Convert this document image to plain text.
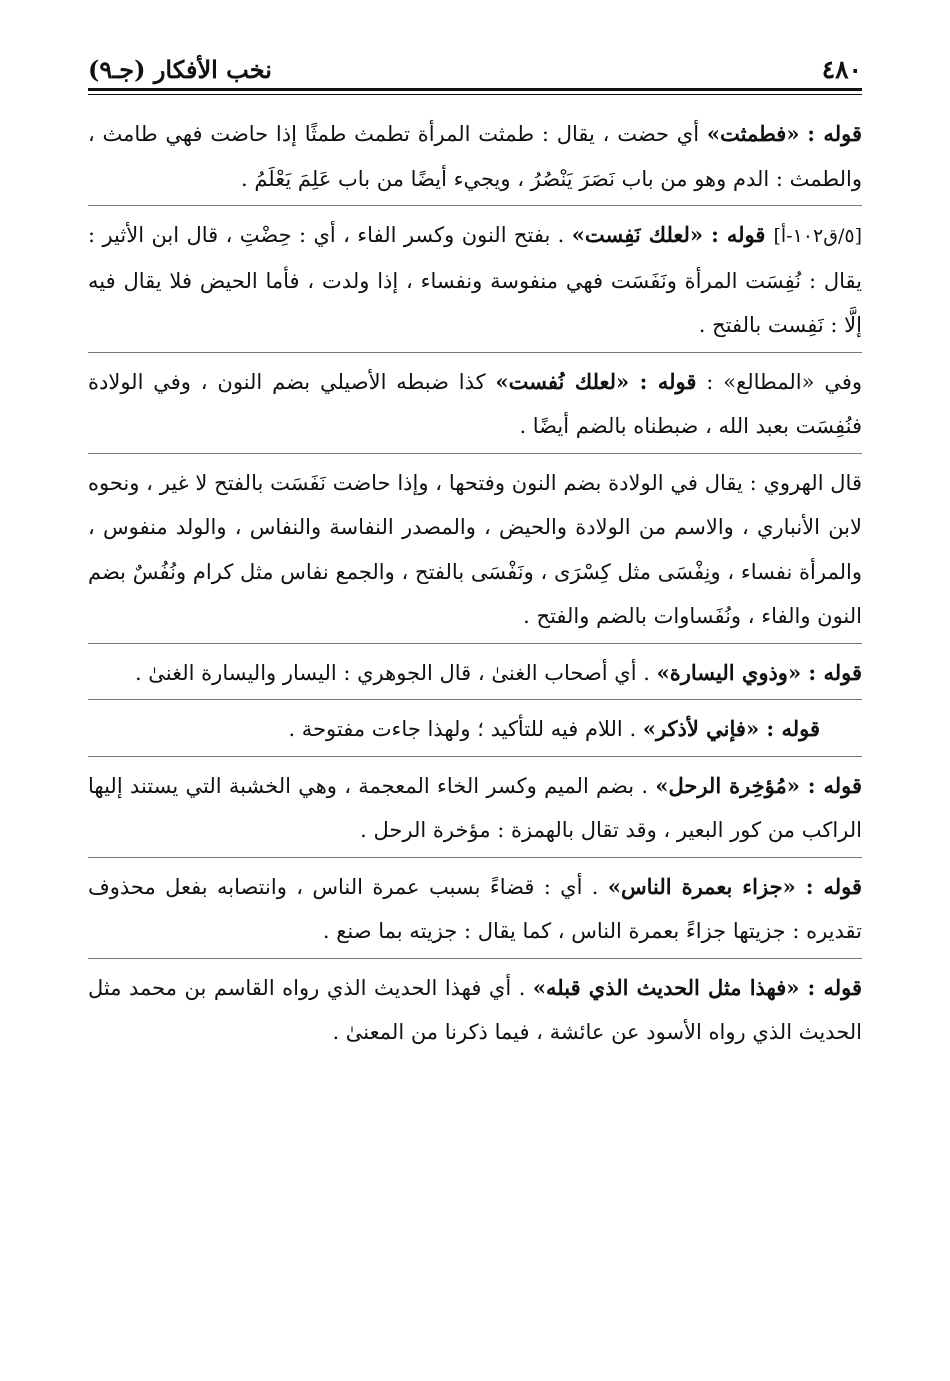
٤٨٠
نخب الأفكار (جـ٩)

قوله : «فطمثت» أي حضت ، يقال : طمثت المرأة تطمث طمثًا إذا حاضت فهي طامث ، والطمث : الدم وهو من باب نَصَرَ يَنْصُرُ ، ويجيء أيضًا من باب عَلِمَ يَعْلَمُ .

[٥/ق١٠٢-أ] قوله : «لعلك نَفِست» . بفتح النون وكسر الفاء ، أي : حِضْتِ ، قال ابن الأثير : يقال : نُفِسَت المرأة ونَفَسَت فهي منفوسة ونفساء ، إذا ولدت ، فأما الحيض فلا يقال فيه إلَّا : نَفِست بالفتح .

وفي «المطالع» : قوله : «لعلك نُفست» كذا ضبطه الأصيلي بضم النون ، وفي الولادة فنُفِسَت بعبد الله ، ضبطناه بالضم أيضًا .

قال الهروي : يقال في الولادة بضم النون وفتحها ، وإذا حاضت نَفَسَت بالفتح لا غير ، ونحوه لابن الأنباري ، والاسم من الولادة والحيض ، والمصدر النفاسة والنفاس ، والولد منفوس ، والمرأة نفساء ، ونِفْسَى مثل كِسْرَى ، ونَفْسَى بالفتح ، والجمع نفاس مثل كرام ونُفُسٌ بضم النون والفاء ، ونُفَساوات بالضم والفتح .

قوله : «وذوي اليسارة» . أي أصحاب الغنىٰ ، قال الجوهري : اليسار واليسارة الغنىٰ .

قوله : «فإني لأذكر» . اللام فيه للتأكيد ؛ ولهذا جاءت مفتوحة .

قوله : «مُؤخِرة الرحل» . بضم الميم وكسر الخاء المعجمة ، وهي الخشبة التي يستند إليها الراكب من كور البعير ، وقد تقال بالهمزة : مؤخرة الرحل .

قوله : «جزاء بعمرة الناس» . أي : قضاءً بسبب عمرة الناس ، وانتصابه بفعل محذوف تقديره : جزيتها جزاءً بعمرة الناس ، كما يقال : جزيته بما صنع .

قوله : «فهذا مثل الحديث الذي قبله» . أي فهذا الحديث الذي رواه القاسم بن محمد مثل الحديث الذي رواه الأسود عن عائشة ، فيما ذكرنا من المعنىٰ .
